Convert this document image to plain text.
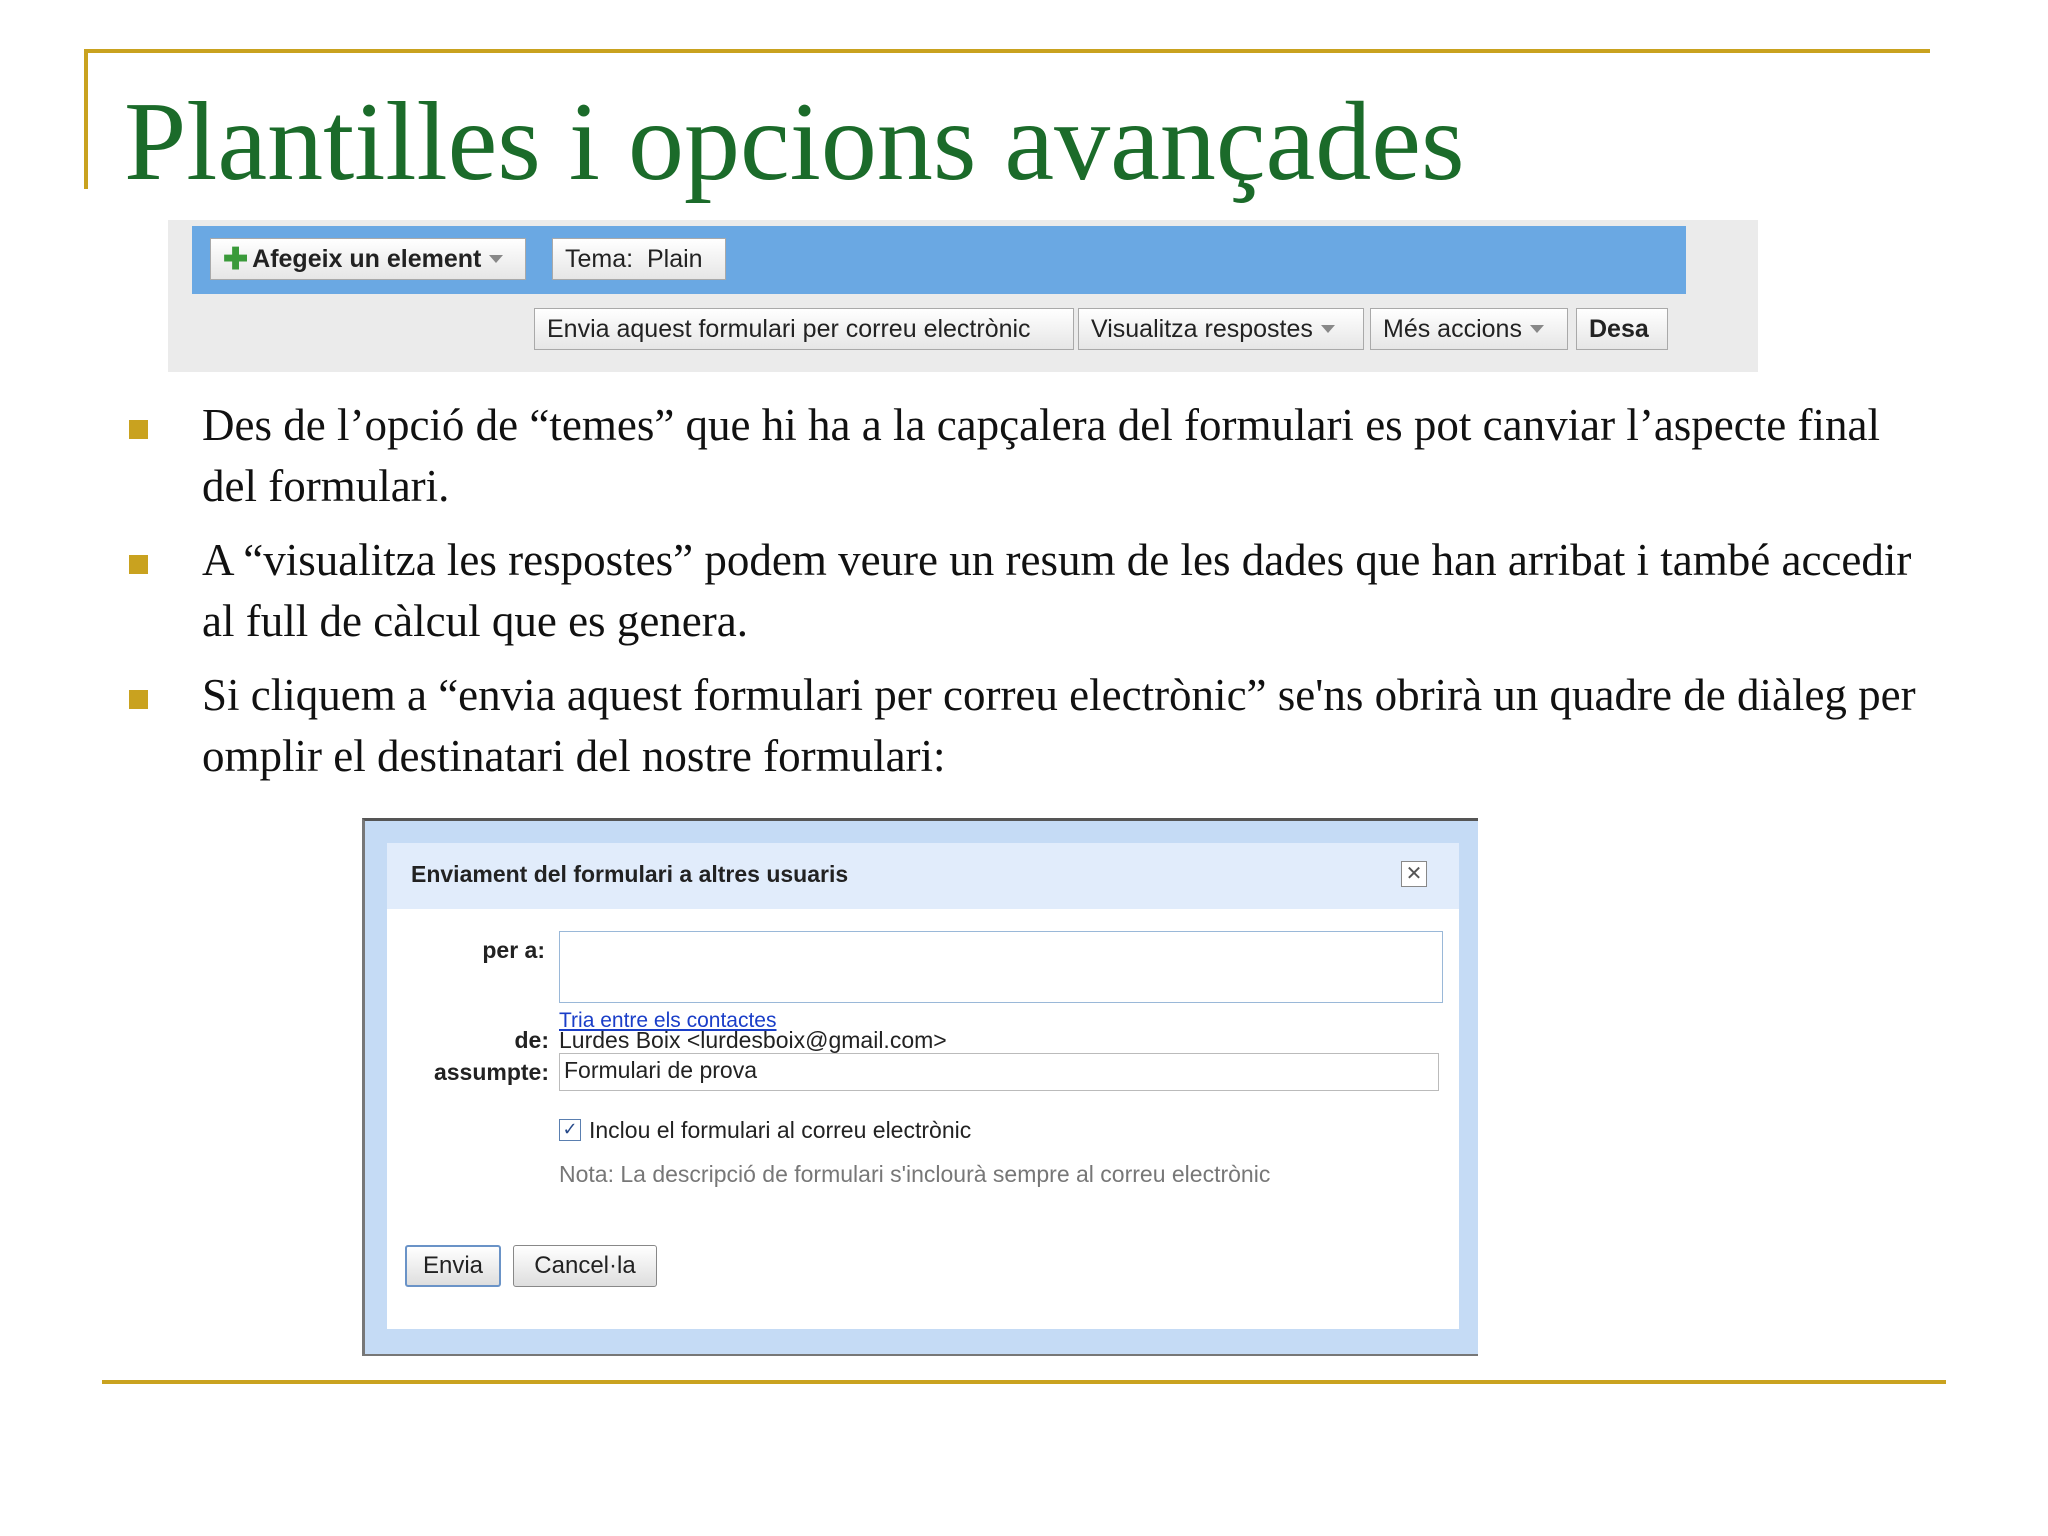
Plantilles i opcions avançades
✚ Afegeix un element	Tema:  Plain
Envia aquest formulari per correu electrònic Visualitza respostes	Més accions	Desa
Des de l’opció de “temes” que hi ha a la capçalera del formulari es pot canviar l’aspecte final del formulari.
A “visualitza les respostes” podem veure un resum de les dades que han arribat i també accedir al full de càlcul que es genera.
Si cliquem a “envia aquest formulari per correu electrònic” se'ns obrirà un quadre de diàleg per omplir el destinatari del nostre formulari:
Enviament del formulari a altres usuaris	✕
per a:
Tria entre els contactes
de: Lurdes Boix <lurdesboix@gmail.com>
assumpte: Formulari de prova
✓ Inclou el formulari al correu electrònic
Nota: La descripció de formulari s'inclourà sempre al correu electrònic
Envia Cancel·la
